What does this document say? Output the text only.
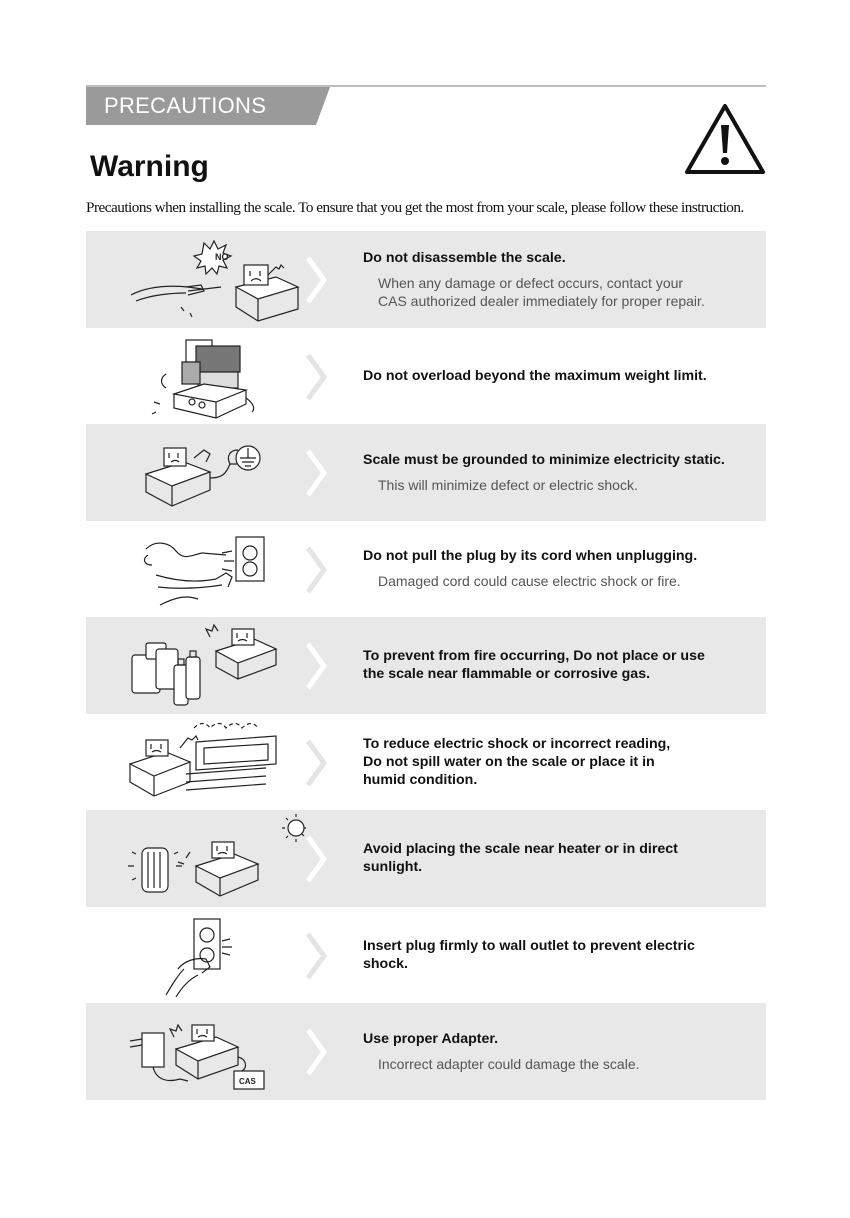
PRECAUTIONS
Warning
Precautions when installing the scale. To ensure that you get the most from your scale, please follow these instruction.
NO	Do not disassemble the scale.
When any damage or defect occurs, contact your
CAS authorized dealer immediately for proper repair.
Do not overload beyond the maximum weight limit.
Scale must be grounded to minimize electricity static.
This will minimize defect or electric shock.
Do not pull the plug by its cord when unplugging.
Damaged cord could cause electric shock or fire.
To prevent from fire occurring, Do not place or use
the scale near flammable or corrosive gas.
To reduce electric shock or incorrect reading,
Do not spill water on the scale or place it in
humid condition.
Avoid placing the scale near heater or in direct
sunlight.
Insert plug firmly to wall outlet to prevent electric
shock.
CAS
Use proper Adapter.
Incorrect adapter could damage the scale.
